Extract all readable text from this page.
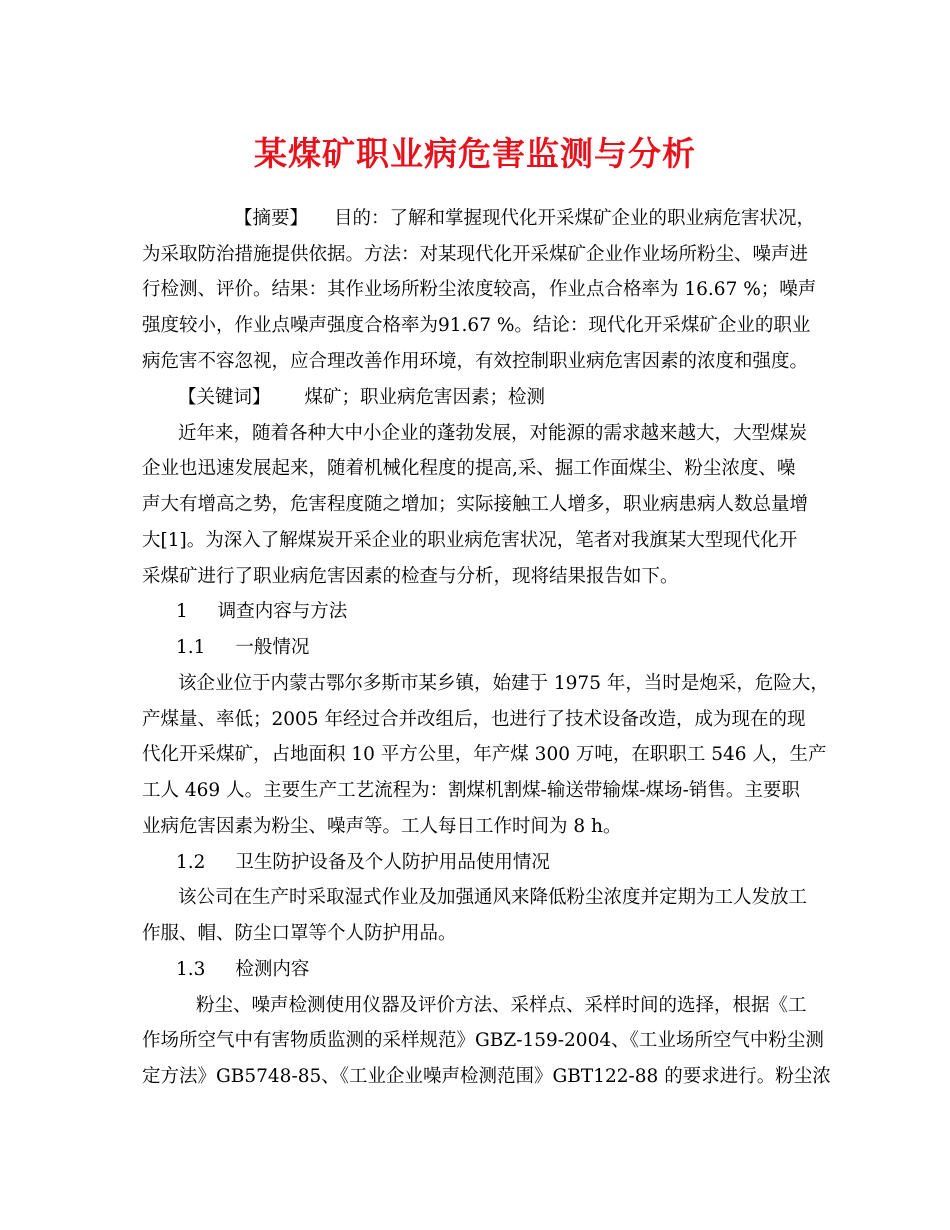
某煤矿职业病危害监测与分析
【摘要】 目的：了解和掌握现代化开采煤矿企业的职业病危害状况，
为采取防治措施提供依据。方法：对某现代化开采煤矿企业作业场所粉尘、噪声进
行检测、评价。结果：其作业场所粉尘浓度较高，作业点合格率为 16.67 %；噪声
强度较小，作业点噪声强度合格率为91.67 %。结论：现代化开采煤矿企业的职业
病危害不容忽视，应合理改善作用环境，有效控制职业病危害因素的浓度和强度。
【关键词】 煤矿；职业病危害因素；检测
近年来，随着各种大中小企业的蓬勃发展，对能源的需求越来越大，大型煤炭
企业也迅速发展起来，随着机械化程度的提高,采、掘工作面煤尘、粉尘浓度、噪
声大有增高之势，危害程度随之增加；实际接触工人增多，职业病患病人数总量增
大[1]。为深入了解煤炭开采企业的职业病危害状况，笔者对我旗某大型现代化开
采煤矿进行了职业病危害因素的检查与分析，现将结果报告如下。
1 调查内容与方法
1.1 一般情况
该企业位于内蒙古鄂尔多斯市某乡镇，始建于 1975 年，当时是炮采，危险大，
产煤量、率低；2005 年经过合并改组后，也进行了技术设备改造，成为现在的现
代化开采煤矿，占地面积 10 平方公里，年产煤 300 万吨，在职职工 546 人，生产
工人 469 人。主要生产工艺流程为：割煤机割煤-输送带输煤-煤场-销售。主要职
业病危害因素为粉尘、噪声等。工人每日工作时间为 8 h。
1.2 卫生防护设备及个人防护用品使用情况
该公司在生产时采取湿式作业及加强通风来降低粉尘浓度并定期为工人发放工
作服、帽、防尘口罩等个人防护用品。
1.3 检测内容
粉尘、噪声检测使用仪器及评价方法、采样点、采样时间的选择，根据《工
作场所空气中有害物质监测的采样规范》GBZ-159-2004、《工业场所空气中粉尘测
定方法》GB5748-85、《工业企业噪声检测范围》GBT122-88 的要求进行。粉尘浓
